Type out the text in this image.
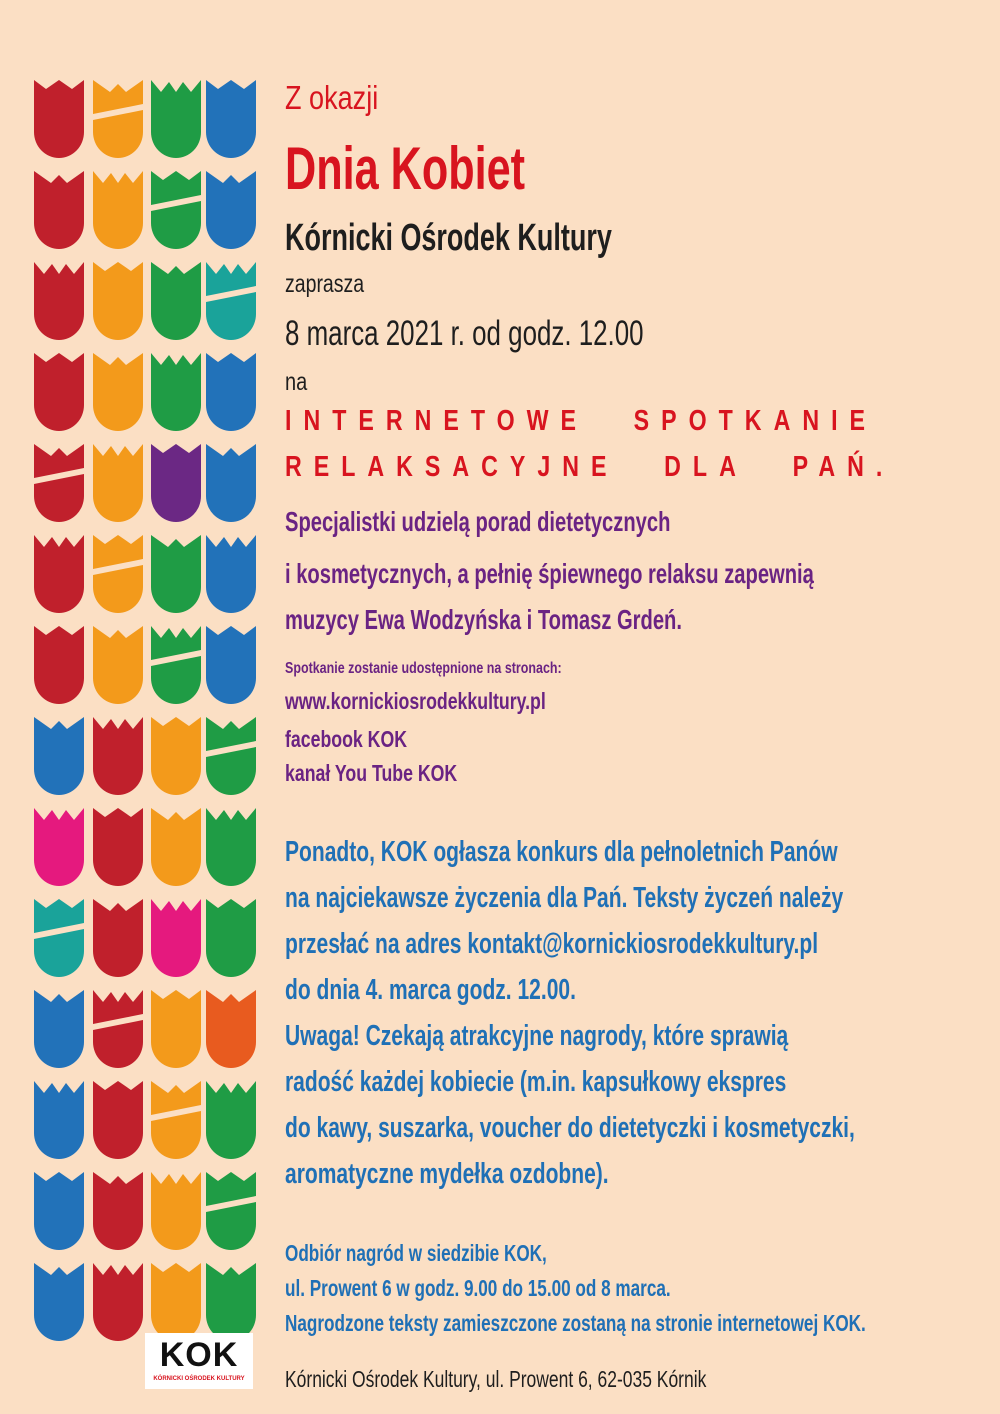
Z okazji
Dnia Kobiet
Kórnicki Ośrodek Kultury
zaprasza
8 marca 2021 r. od godz. 12.00
na
INTERNETOWE SPOTKANIE
RELAKSACYJNE DLA PAŃ.
Specjalistki udzielą porad dietetycznych
i kosmetycznych, a pełnię śpiewnego relaksu zapewnią
muzycy Ewa Wodzyńska i Tomasz Grdeń.
Spotkanie zostanie udostępnione na stronach:
www.kornickiosrodekkultury.pl
facebook KOK
kanał You Tube KOK
Ponadto, KOK ogłasza konkurs dla pełnoletnich Panów
na najciekawsze życzenia dla Pań. Teksty życzeń należy
przesłać na adres kontakt@kornickiosrodekkultury.pl
do dnia 4. marca godz. 12.00.
Uwaga! Czekają atrakcyjne nagrody, które sprawią
radość każdej kobiecie (m.in. kapsułkowy ekspres
do kawy, suszarka, voucher do dietetyczki i kosmetyczki,
aromatyczne mydełka ozdobne).
Odbiór nagród w siedzibie KOK,
ul. Prowent 6 w godz. 9.00 do 15.00 od 8 marca.
Nagrodzone teksty zamieszczone zostaną na stronie internetowej KOK.
Kórnicki Ośrodek Kultury, ul. Prowent 6, 62-035 Kórnik
KOK
KÓRNICKI OŚRODEK KULTURY
